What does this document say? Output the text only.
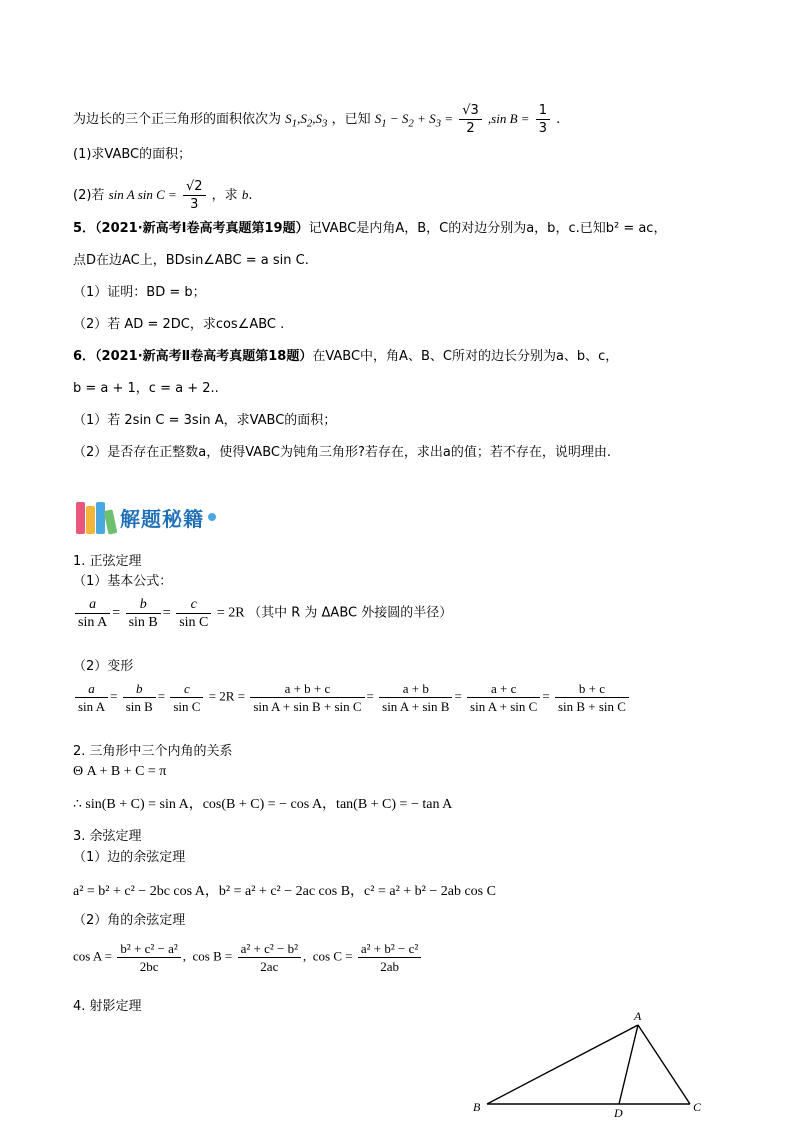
为边长的三个正三角形的面积依次为 $S_1,S_2,S_3$ ，已知 $S_1 - S_2 + S_3 = \frac{√3}{2} ,\sin$ $B = \frac{1}{3}$ .
(1)求VABC的面积；
(2)若 sin A $\sin C = \frac{√2}{3}$ ，求 b.
5．（2021·新高考Ⅰ卷高考真题第19题）记VABC是内角A，B，C的对边分别为a，b，c.已知b² = ac，
点D在边AC上，BDsin∠ABC = a sin C.
（1）证明：BD = b；
（2）若 AD = 2DC，求cos∠ABC .
6．（2021·新高考Ⅱ卷高考真题第18题）在VABC中，角A、B、C所对的边长分别为a、b、c，
b = a + 1，c = a + 2..
（1）若 2sin C = 3sin A，求VABC的面积；
（2）是否存在正整数a，使得VABC为钝角三角形?若存在，求出a的值；若不存在，说明理由.
解题秘籍
1. 正弦定理
（1）基本公式：
$\frac{a}{\text{sin A}} = \frac{b}{\text{sin B}} = \frac{c}{\text{sin C}} = 2R$ （其中 R 为 ΔABC 外接圆的半径）
（2）变形
$\frac{a}{\text{sin A}} = \frac{b}{\text{sin B}} = \frac{c}{\text{sin C}} = 2R = \frac{a + b + c}{\text{sin A + sin B + sin C}} = \frac{a + b}{\text{sin A + sin B}} = \frac{a + c}{\text{sin A + sin C}} = \frac{b + c}{\text{sin B + sin C}}$
2. 三角形中三个内角的关系
Θ A + B + C = π
∴ sin(B + C) = sin A，cos(B + C) = − cos A，tan(B + C) = − tan A
3. 余弦定理
（1）边的余弦定理
a² = b² + c² − 2bc cos A，b² = a² + c² − 2ac cos B，c² = a² + b² − 2ab cos C
（2）角的余弦定理
$\cos A = \frac{\text{b² + c² − a²}}{2bc}$ , $\cos B = \frac{\text{a² + c² − b²}}{2ac}$ , $\cos C = \frac{\text{a² + b² − c²}}{2ab}$
4. 射影定理
A
B	C
D
